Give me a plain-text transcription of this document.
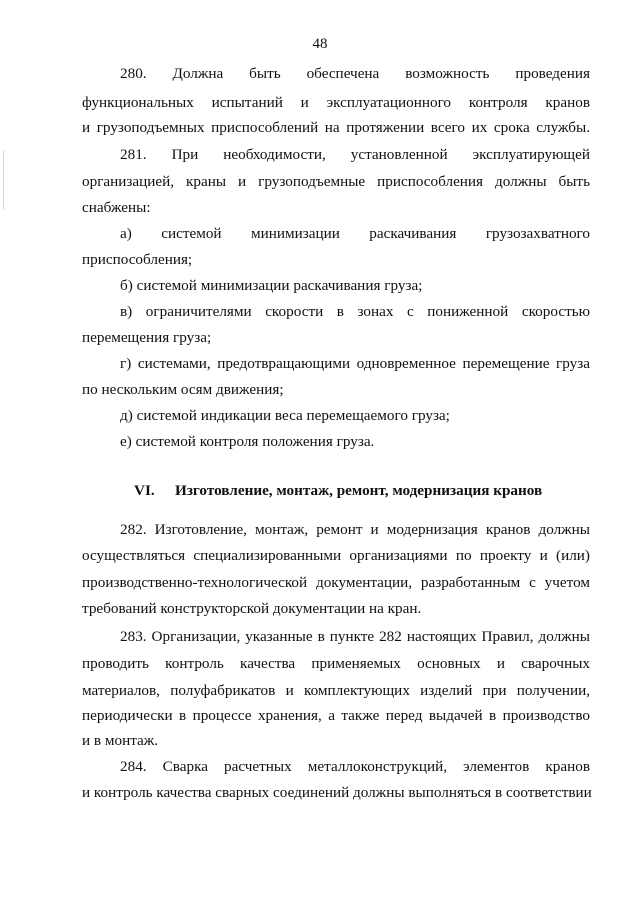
48
280. Должна быть обеспечена возможность проведения
функциональных испытаний и эксплуатационного контроля кранов
и грузоподъемных приспособлений на протяжении всего их срока службы.
281. При необходимости, установленной эксплуатирующей
организацией, краны и грузоподъемные приспособления должны быть
снабжены:
а) системой минимизации раскачивания грузозахватного
приспособления;
б) системой минимизации раскачивания груза;
в) ограничителями скорости в зонах с пониженной скоростью
перемещения груза;
г) системами, предотвращающими одновременное перемещение груза
по нескольким осям движения;
д) системой индикации веса перемещаемого груза;
е) системой контроля положения груза.
VI. Изготовление, монтаж, ремонт, модернизация кранов
282. Изготовление, монтаж, ремонт и модернизация кранов должны
осуществляться специализированными организациями по проекту и (или)
производственно-технологической документации, разработанным с учетом
требований конструкторской документации на кран.
283. Организации, указанные в пункте 282 настоящих Правил, должны
проводить контроль качества применяемых основных и сварочных
материалов, полуфабрикатов и комплектующих изделий при получении,
периодически в процессе хранения, а также перед выдачей в производство
и в монтаж.
284. Сварка расчетных металлоконструкций, элементов кранов
и контроль качества сварных соединений должны выполняться в соответствии
